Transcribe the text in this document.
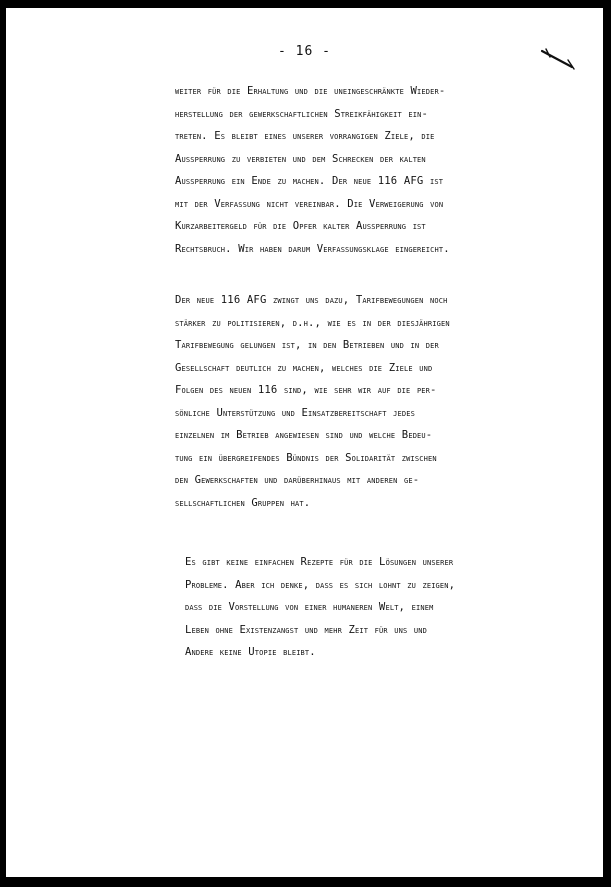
- 16 -
weiter für die Erhaltung und die uneingeschränkte Wieder-
herstellung der gewerkschaftlichen Streikfähigkeit ein-
treten. Es bleibt eines unserer vorrangigen Ziele, die
Aussperrung zu verbieten und dem Schrecken der kalten
Aussperrung ein Ende zu machen. Der neue 116 AFG ist
mit der Verfassung nicht vereinbar. Die Verweigerung von
Kurzarbeitergeld für die Opfer kalter Aussperrung ist
Rechtsbruch. Wir haben darum Verfassungsklage eingereicht.
Der neue 116 AFG zwingt uns dazu, Tarifbewegungen noch
stärker zu politisieren, d.h., wie es in der diesjährigen
Tarifbewegung gelungen ist, in den Betrieben und in der
Gesellschaft deutlich zu machen, welches die Ziele und
Folgen des neuen 116 sind, wie sehr wir auf die per-
sönliche Unterstützung und Einsatzbereitschaft jedes
einzelnen im Betrieb angewiesen sind und welche Bedeu-
tung ein übergreifendes Bündnis der Solidarität zwischen
den Gewerkschaften und darüberhinaus mit anderen ge-
sellschaftlichen Gruppen hat.
Es gibt keine einfachen Rezepte für die Lösungen unserer
Probleme. Aber ich denke, daß es sich lohnt zu zeigen,
daß die Vorstellung von einer humaneren Welt, einem
Leben ohne Existenzangst und mehr Zeit für uns und
Andere keine Utopie bleibt.
